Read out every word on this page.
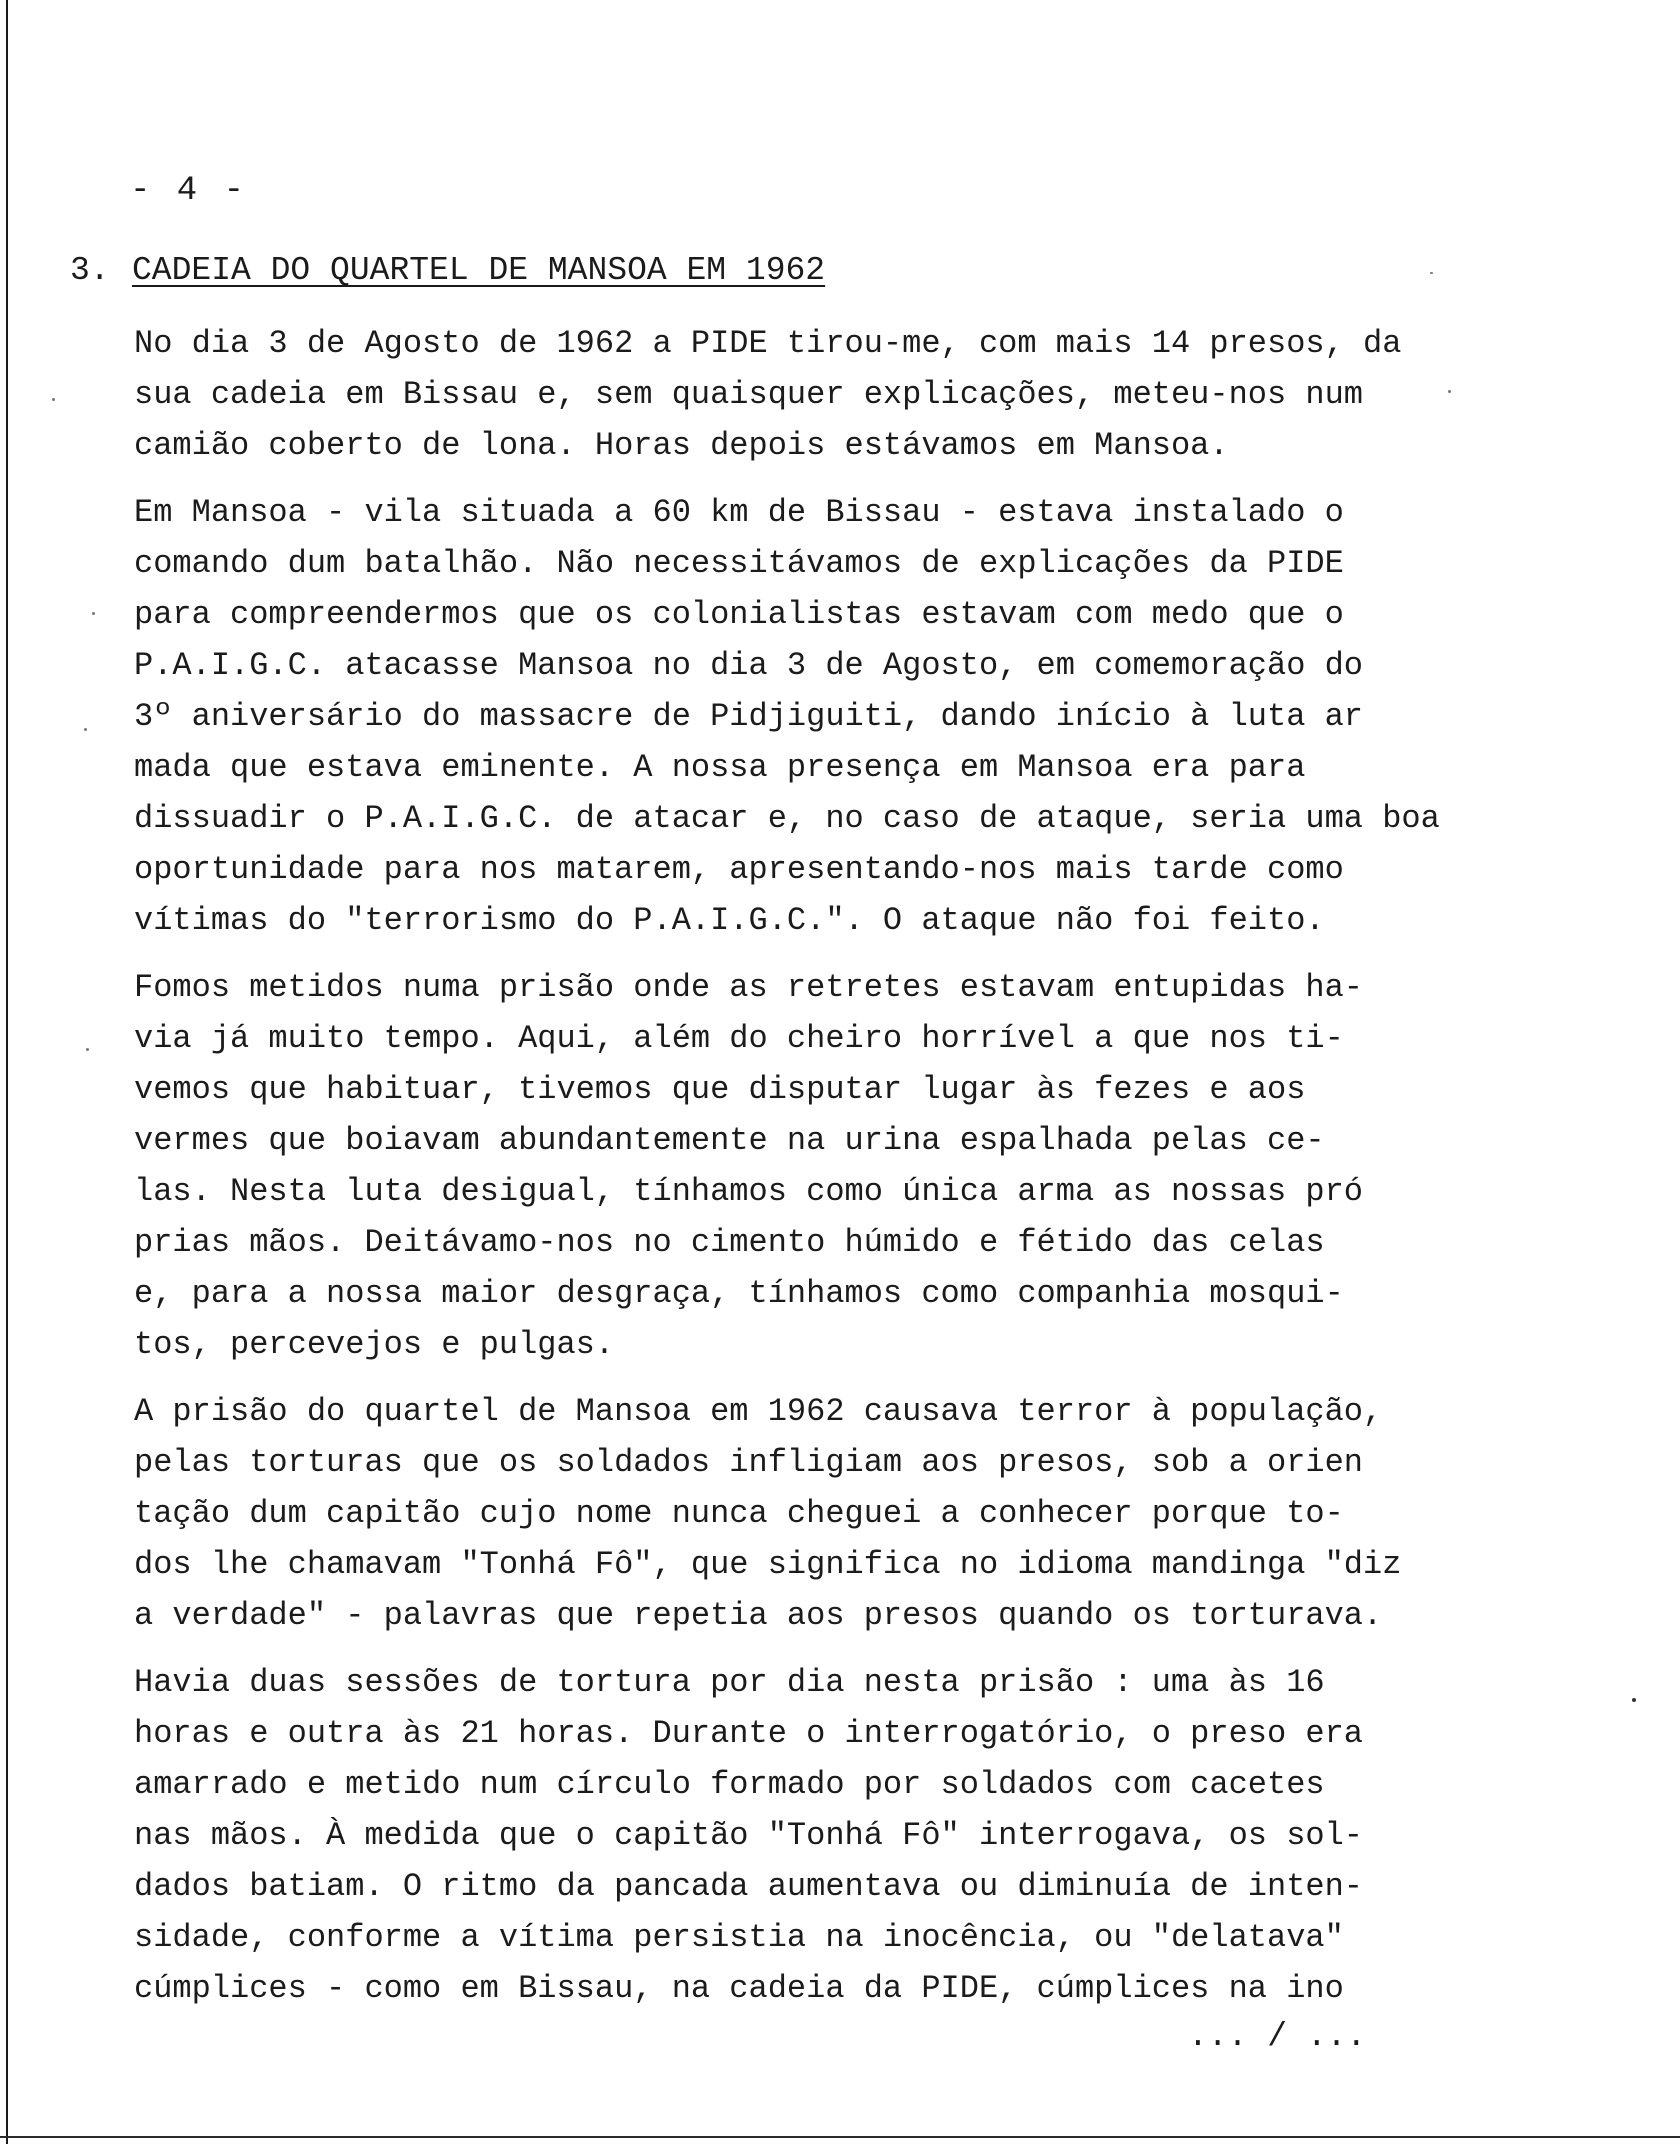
- 4 -
3. CADEIA DO QUARTEL DE MANSOA EM 1962
No dia 3 de Agosto de 1962 a PIDE tirou-me, com mais 14 presos, da
sua cadeia em Bissau e, sem quaisquer explicações, meteu-nos num
camião coberto de lona. Horas depois estávamos em Mansoa.
Em Mansoa - vila situada a 60 km de Bissau - estava instalado o
comando dum batalhão. Não necessitávamos de explicações da PIDE
para compreendermos que os colonialistas estavam com medo que o
P.A.I.G.C. atacasse Mansoa no dia 3 de Agosto, em comemoração do
3º aniversário do massacre de Pidjiguiti, dando início à luta ar
mada que estava eminente. A nossa presença em Mansoa era para
dissuadir o P.A.I.G.C. de atacar e, no caso de ataque, seria uma boa
oportunidade para nos matarem, apresentando-nos mais tarde como
vítimas do "terrorismo do P.A.I.G.C.". O ataque não foi feito.
Fomos metidos numa prisão onde as retretes estavam entupidas ha-
via já muito tempo. Aqui, além do cheiro horrível a que nos ti-
vemos que habituar, tivemos que disputar lugar às fezes e aos
vermes que boiavam abundantemente na urina espalhada pelas ce-
las. Nesta luta desigual, tínhamos como única arma as nossas pró
prias mãos. Deitávamo-nos no cimento húmido e fétido das celas
e, para a nossa maior desgraça, tínhamos como companhia mosqui-
tos, percevejos e pulgas.
A prisão do quartel de Mansoa em 1962 causava terror à população,
pelas torturas que os soldados infligiam aos presos, sob a orien
tação dum capitão cujo nome nunca cheguei a conhecer porque to-
dos lhe chamavam "Tonhá Fô", que significa no idioma mandinga "diz
a verdade" - palavras que repetia aos presos quando os torturava.
Havia duas sessões de tortura por dia nesta prisão : uma às 16
horas e outra às 21 horas. Durante o interrogatório, o preso era
amarrado e metido num círculo formado por soldados com cacetes
nas mãos. À medida que o capitão "Tonhá Fô" interrogava, os sol-
dados batiam. O ritmo da pancada aumentava ou diminuía de inten-
sidade, conforme a vítima persistia na inocência, ou "delatava"
cúmplices - como em Bissau, na cadeia da PIDE, cúmplices na ino
... / ...
